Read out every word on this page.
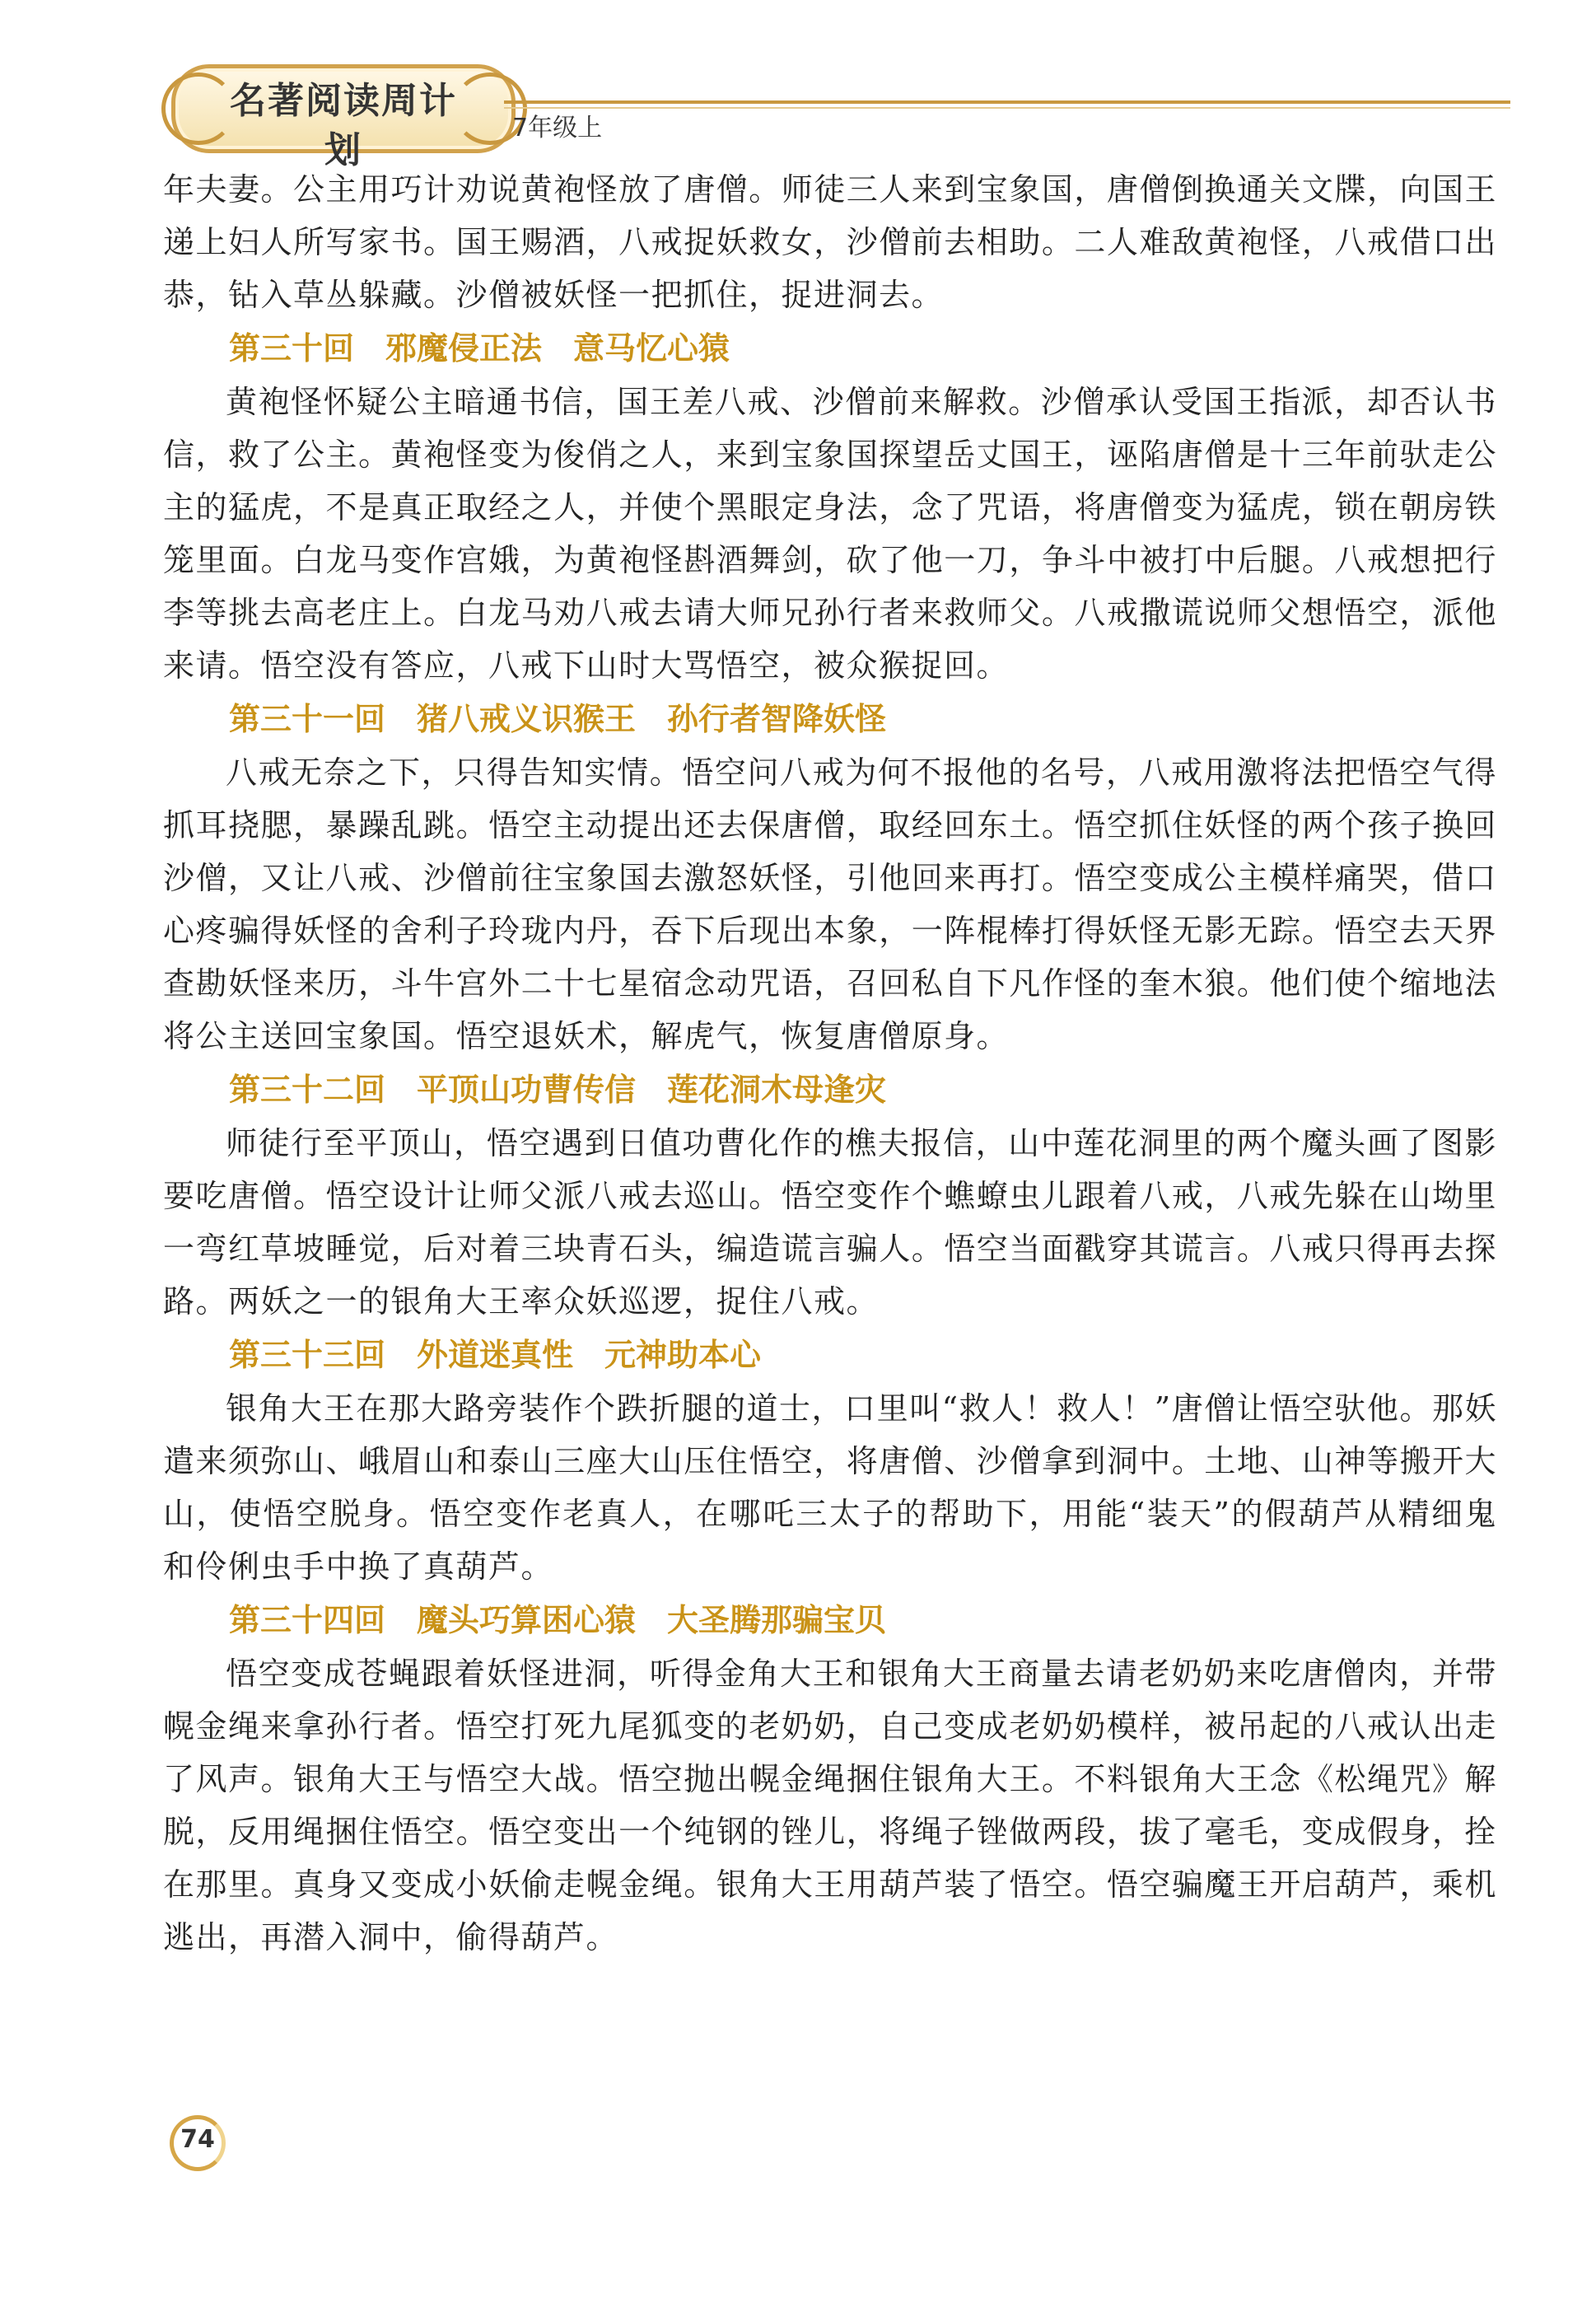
名著阅读周计划
7年级上

年夫妻。公主用巧计劝说黄袍怪放了唐僧。师徒三人来到宝象国，唐僧倒换通关文牒，向国王递上妇人所写家书。国王赐酒，八戒捉妖救女，沙僧前去相助。二人难敌黄袍怪，八戒借口出恭，钻入草丛躲藏。沙僧被妖怪一把抓住，捉进洞去。

第三十回　邪魔侵正法　意马忆心猿

黄袍怪怀疑公主暗通书信，国王差八戒、沙僧前来解救。沙僧承认受国王指派，却否认书信，救了公主。黄袍怪变为俊俏之人，来到宝象国探望岳丈国王，诬陷唐僧是十三年前驮走公主的猛虎，不是真正取经之人，并使个黑眼定身法，念了咒语，将唐僧变为猛虎，锁在朝房铁笼里面。白龙马变作宫娥，为黄袍怪斟酒舞剑，砍了他一刀，争斗中被打中后腿。八戒想把行李等挑去高老庄上。白龙马劝八戒去请大师兄孙行者来救师父。八戒撒谎说师父想悟空，派他来请。悟空没有答应，八戒下山时大骂悟空，被众猴捉回。

第三十一回　猪八戒义识猴王　孙行者智降妖怪

八戒无奈之下，只得告知实情。悟空问八戒为何不报他的名号，八戒用激将法把悟空气得抓耳挠腮，暴躁乱跳。悟空主动提出还去保唐僧，取经回东土。悟空抓住妖怪的两个孩子换回沙僧，又让八戒、沙僧前往宝象国去激怒妖怪，引他回来再打。悟空变成公主模样痛哭，借口心疼骗得妖怪的舍利子玲珑内丹，吞下后现出本象，一阵棍棒打得妖怪无影无踪。悟空去天界查勘妖怪来历，斗牛宫外二十七星宿念动咒语，召回私自下凡作怪的奎木狼。他们使个缩地法将公主送回宝象国。悟空退妖术，解虎气，恢复唐僧原身。

第三十二回　平顶山功曹传信　莲花洞木母逢灾

师徒行至平顶山，悟空遇到日值功曹化作的樵夫报信，山中莲花洞里的两个魔头画了图影要吃唐僧。悟空设计让师父派八戒去巡山。悟空变作个蟭蟟虫儿跟着八戒，八戒先躲在山坳里一弯红草坡睡觉，后对着三块青石头，编造谎言骗人。悟空当面戳穿其谎言。八戒只得再去探路。两妖之一的银角大王率众妖巡逻，捉住八戒。

第三十三回　外道迷真性　元神助本心

银角大王在那大路旁装作个跌折腿的道士，口里叫“救人！救人！”唐僧让悟空驮他。那妖遣来须弥山、峨眉山和泰山三座大山压住悟空，将唐僧、沙僧拿到洞中。土地、山神等搬开大山，使悟空脱身。悟空变作老真人，在哪吒三太子的帮助下，用能“装天”的假葫芦从精细鬼和伶俐虫手中换了真葫芦。

第三十四回　魔头巧算困心猿　大圣腾那骗宝贝

悟空变成苍蝇跟着妖怪进洞，听得金角大王和银角大王商量去请老奶奶来吃唐僧肉，并带幌金绳来拿孙行者。悟空打死九尾狐变的老奶奶，自己变成老奶奶模样，被吊起的八戒认出走了风声。银角大王与悟空大战。悟空抛出幌金绳捆住银角大王。不料银角大王念《松绳咒》解脱，反用绳捆住悟空。悟空变出一个纯钢的锉儿，将绳子锉做两段，拔了毫毛，变成假身，拴在那里。真身又变成小妖偷走幌金绳。银角大王用葫芦装了悟空。悟空骗魔王开启葫芦，乘机逃出，再潜入洞中，偷得葫芦。

74
